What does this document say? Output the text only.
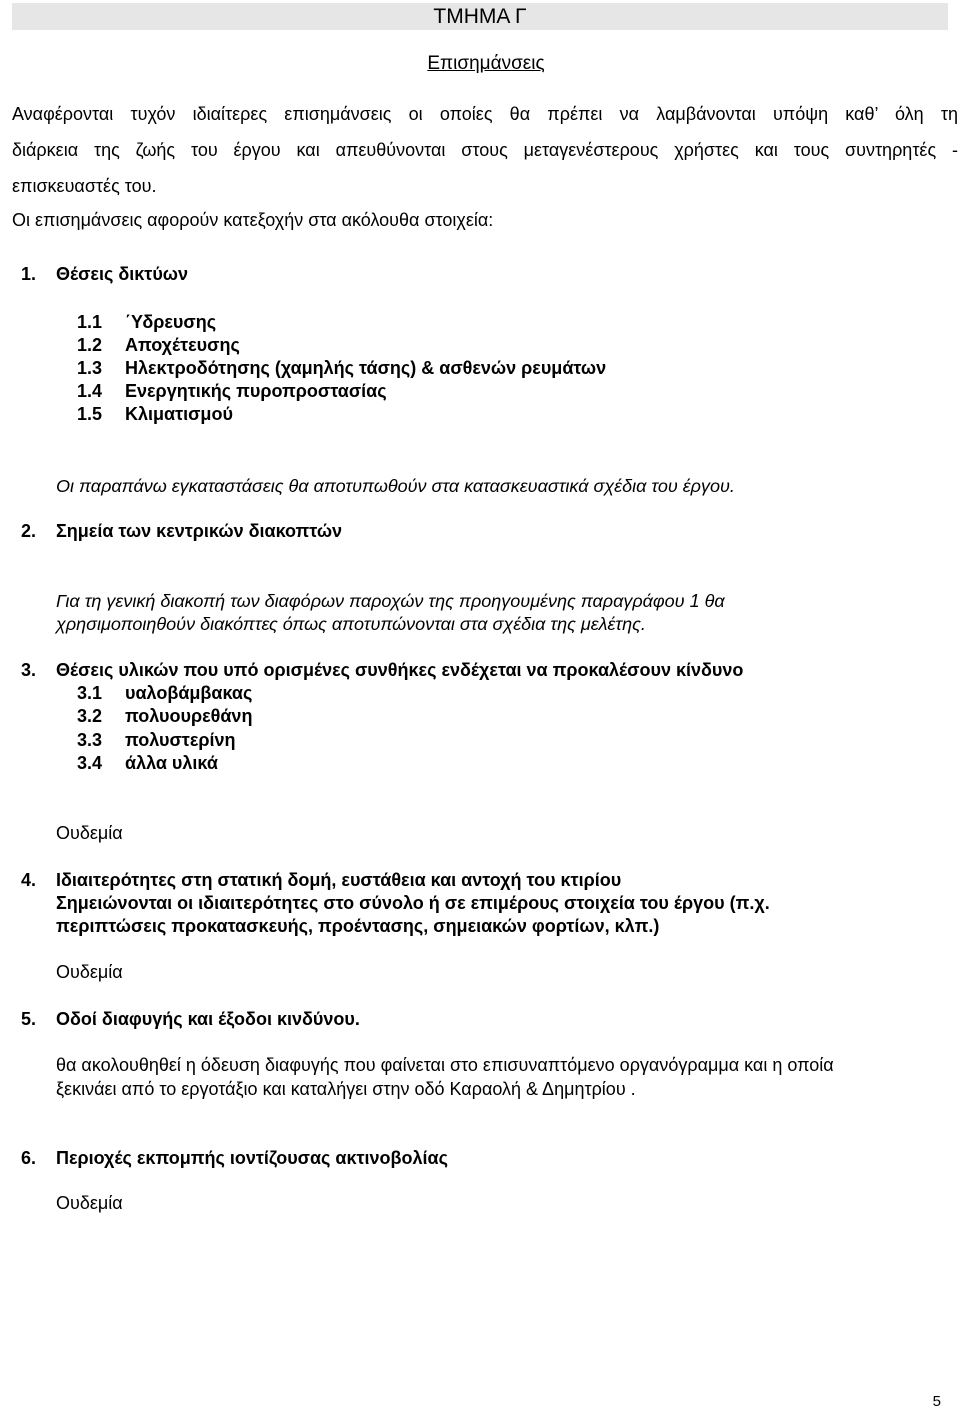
ΤΜΗΜΑ Γ
Επισημάνσεις
Αναφέρονται τυχόν ιδιαίτερες επισημάνσεις οι οποίες θα πρέπει να λαμβάνονται υπόψη καθ’ όλη τη
διάρκεια της ζωής του έργου και απευθύνονται στους μεταγενέστερους χρήστες και τους συντηρητές -
επισκευαστές του.
Οι επισημάνσεις αφορούν κατεξοχήν στα ακόλουθα στοιχεία:
1. Θέσεις δικτύων
1.1 ΄Υδρευσης
1.2 Αποχέτευσης
1.3 Ηλεκτροδότησης (χαμηλής τάσης) & ασθενών ρευμάτων
1.4 Ενεργητικής πυροπροστασίας
1.5 Κλιματισμού
Οι παραπάνω εγκαταστάσεις θα αποτυπωθούν στα κατασκευαστικά σχέδια του έργου.
2. Σημεία των κεντρικών διακοπτών
Για τη γενική διακοπή των διαφόρων παροχών της προηγουμένης παραγράφου 1 θα
χρησιμοποιηθούν διακόπτες όπως αποτυπώνονται στα σχέδια της μελέτης.
3. Θέσεις υλικών που υπό ορισμένες συνθήκες ενδέχεται να προκαλέσουν κίνδυνο
3.1 υαλοβάμβακας
3.2 πολυουρεθάνη
3.3 πολυστερίνη
3.4 άλλα υλικά
Ουδεμία
4. Ιδιαιτερότητες στη στατική δομή, ευστάθεια και αντοχή του κτιρίου
Σημειώνονται οι ιδιαιτερότητες στο σύνολο ή σε επιμέρους στοιχεία του έργου (π.χ.
περιπτώσεις προκατασκευής, προέντασης, σημειακών φορτίων, κλπ.)
Ουδεμία
5. Οδοί διαφυγής και έξοδοι κινδύνου.
θα ακολουθηθεί η όδευση διαφυγής που φαίνεται στο επισυναπτόμενο οργανόγραμμα και η οποία
ξεκινάει από το εργοτάξιο και καταλήγει στην οδό Καραολή & Δημητρίου .
6. Περιοχές εκπομπής ιοντίζουσας ακτινοβολίας
Ουδεμία
5
